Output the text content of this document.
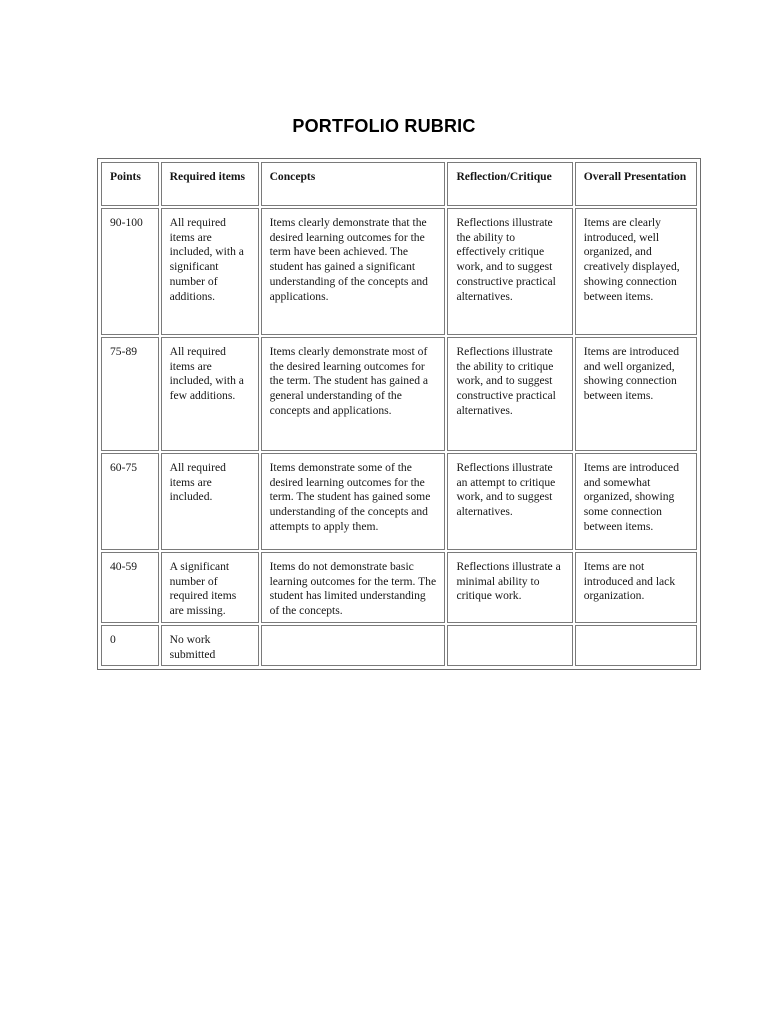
PORTFOLIO RUBRIC
Points	Required items	Concepts	Reflection/Critique	Overall Presentation
90-100	All required items are included, with a significant number of additions.	Items clearly demonstrate that the desired learning outcomes for the term have been achieved. The student has gained a significant understanding of the concepts and applications.	Reflections illustrate the ability to effectively critique work, and to suggest constructive practical alternatives.	Items are clearly introduced, well organized, and creatively displayed, showing connection between items.
75-89	All required items are included, with a few additions.	Items clearly demonstrate most of the desired learning outcomes for the term. The student has gained a general understanding of the concepts and applications.	Reflections illustrate the ability to critique work, and to suggest constructive practical alternatives.	Items are introduced and well organized, showing connection between items.
60-75	All required items are included.	Items demonstrate some of the desired learning outcomes for the term. The student has gained some understanding of the concepts and attempts to apply them.	Reflections illustrate an attempt to critique work, and to suggest alternatives.	Items are introduced and somewhat organized, showing some connection between items.
40-59	A significant number of required items are missing.	Items do not demonstrate basic learning outcomes for the term. The student has limited understanding of the concepts.	Reflections illustrate a minimal ability to critique work.	Items are not introduced and lack organization.
0	No work submitted			
